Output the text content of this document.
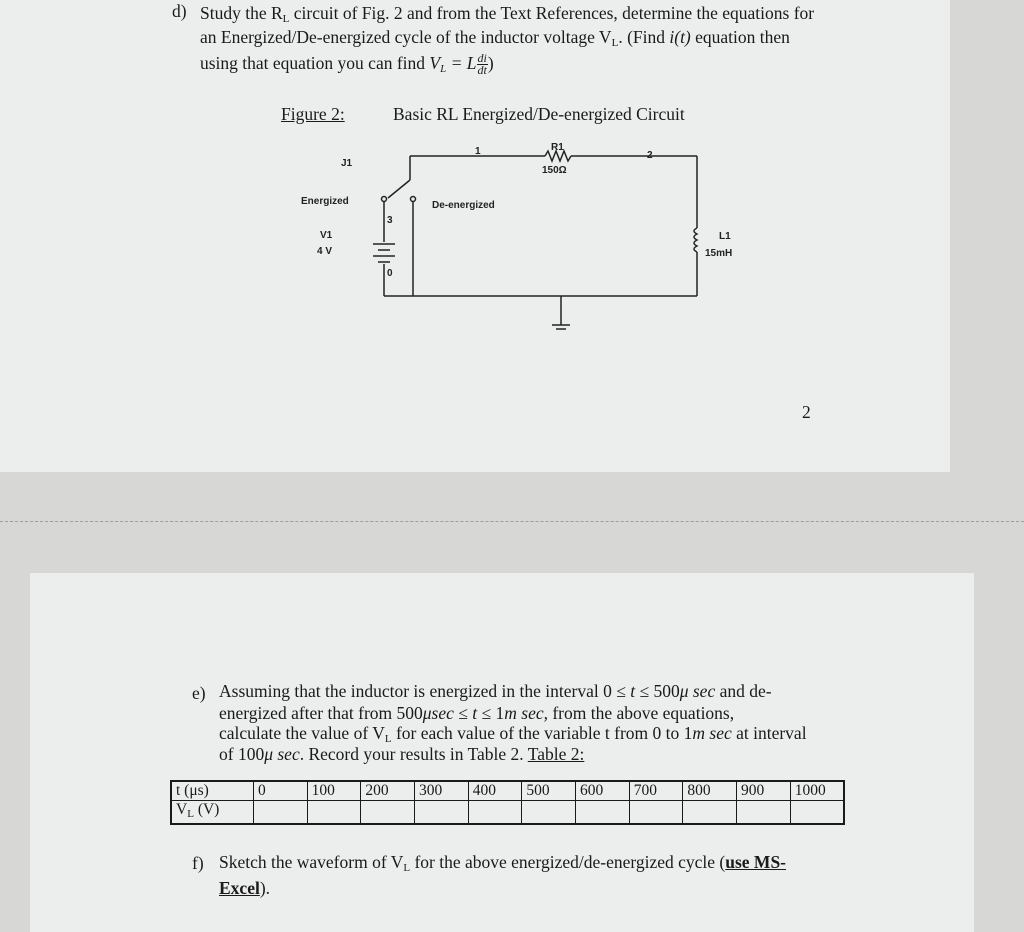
d) Study the $R_L$ circuit of Fig. 2 and from the Text References, determine the equations for
an Energized/De-energized cycle of the inductor voltage $V_L$. (Find i(t) equation then
using that equation you can find $V_L = L \frac{di}{dt}$ )
Figure 2:	Basic RL Energized/De-energized Circuit
1	R1
150Ω
2
J1
Energized	De-energized
3
V1
4 V
0
L1
15mH
2
e) Assuming that the inductor is energized in the interval 0 ≤ t ≤ 500μ sec and de-
energized after that from 500μsec ≤ t ≤ 1m sec, from the above equations,
calculate the value of $V_L$ for each value of the variable t from 0 to 1m sec at interval
of 100μ sec. Record your results in Table 2. Table 2:
t (μs)	0	100	200	300	400	500	600	700	800	900	1000
$V_L$ (V)											
f) Sketch the waveform of $V_L$ for the above energized/de-energized cycle (use MS-
Excel).
